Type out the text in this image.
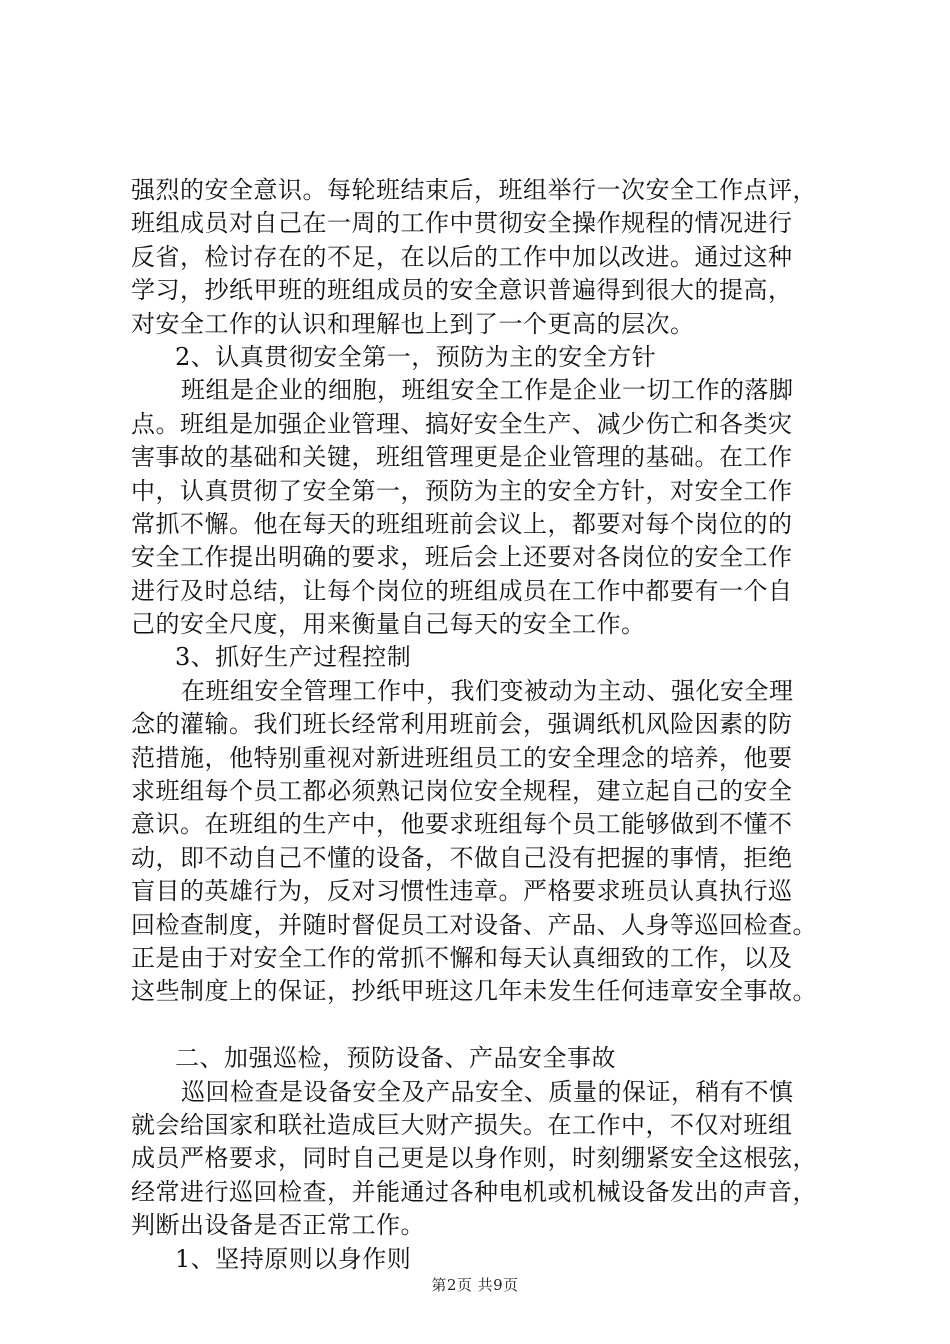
强烈的安全意识。每轮班结束后，班组举行一次安全工作点评，
班组成员对自己在一周的工作中贯彻安全操作规程的情况进行
反省，检讨存在的不足，在以后的工作中加以改进。通过这种
学习，抄纸甲班的班组成员的安全意识普遍得到很大的提高，
对安全工作的认识和理解也上到了一个更高的层次。
2、认真贯彻安全第一，预防为主的安全方针
班组是企业的细胞，班组安全工作是企业一切工作的落脚
点。班组是加强企业管理、搞好安全生产、减少伤亡和各类灾
害事故的基础和关键，班组管理更是企业管理的基础。在工作
中，认真贯彻了安全第一，预防为主的安全方针，对安全工作
常抓不懈。他在每天的班组班前会议上，都要对每个岗位的的
安全工作提出明确的要求，班后会上还要对各岗位的安全工作
进行及时总结，让每个岗位的班组成员在工作中都要有一个自
己的安全尺度，用来衡量自己每天的安全工作。
3、抓好生产过程控制
在班组安全管理工作中，我们变被动为主动、强化安全理
念的灌输。我们班长经常利用班前会，强调纸机风险因素的防
范措施，他特别重视对新进班组员工的安全理念的培养，他要
求班组每个员工都必须熟记岗位安全规程，建立起自己的安全
意识。在班组的生产中，他要求班组每个员工能够做到不懂不
动，即不动自己不懂的设备，不做自己没有把握的事情，拒绝
盲目的英雄行为，反对习惯性违章。严格要求班员认真执行巡
回检查制度，并随时督促员工对设备、产品、人身等巡回检查。
正是由于对安全工作的常抓不懈和每天认真细致的工作，以及
这些制度上的保证，抄纸甲班这几年未发生任何违章安全事故。
二、加强巡检，预防设备、产品安全事故
巡回检查是设备安全及产品安全、质量的保证，稍有不慎
就会给国家和联社造成巨大财产损失。在工作中，不仅对班组
成员严格要求，同时自己更是以身作则，时刻绷紧安全这根弦，
经常进行巡回检查，并能通过各种电机或机械设备发出的声音，
判断出设备是否正常工作。
1、坚持原则以身作则
第2页 共9页
